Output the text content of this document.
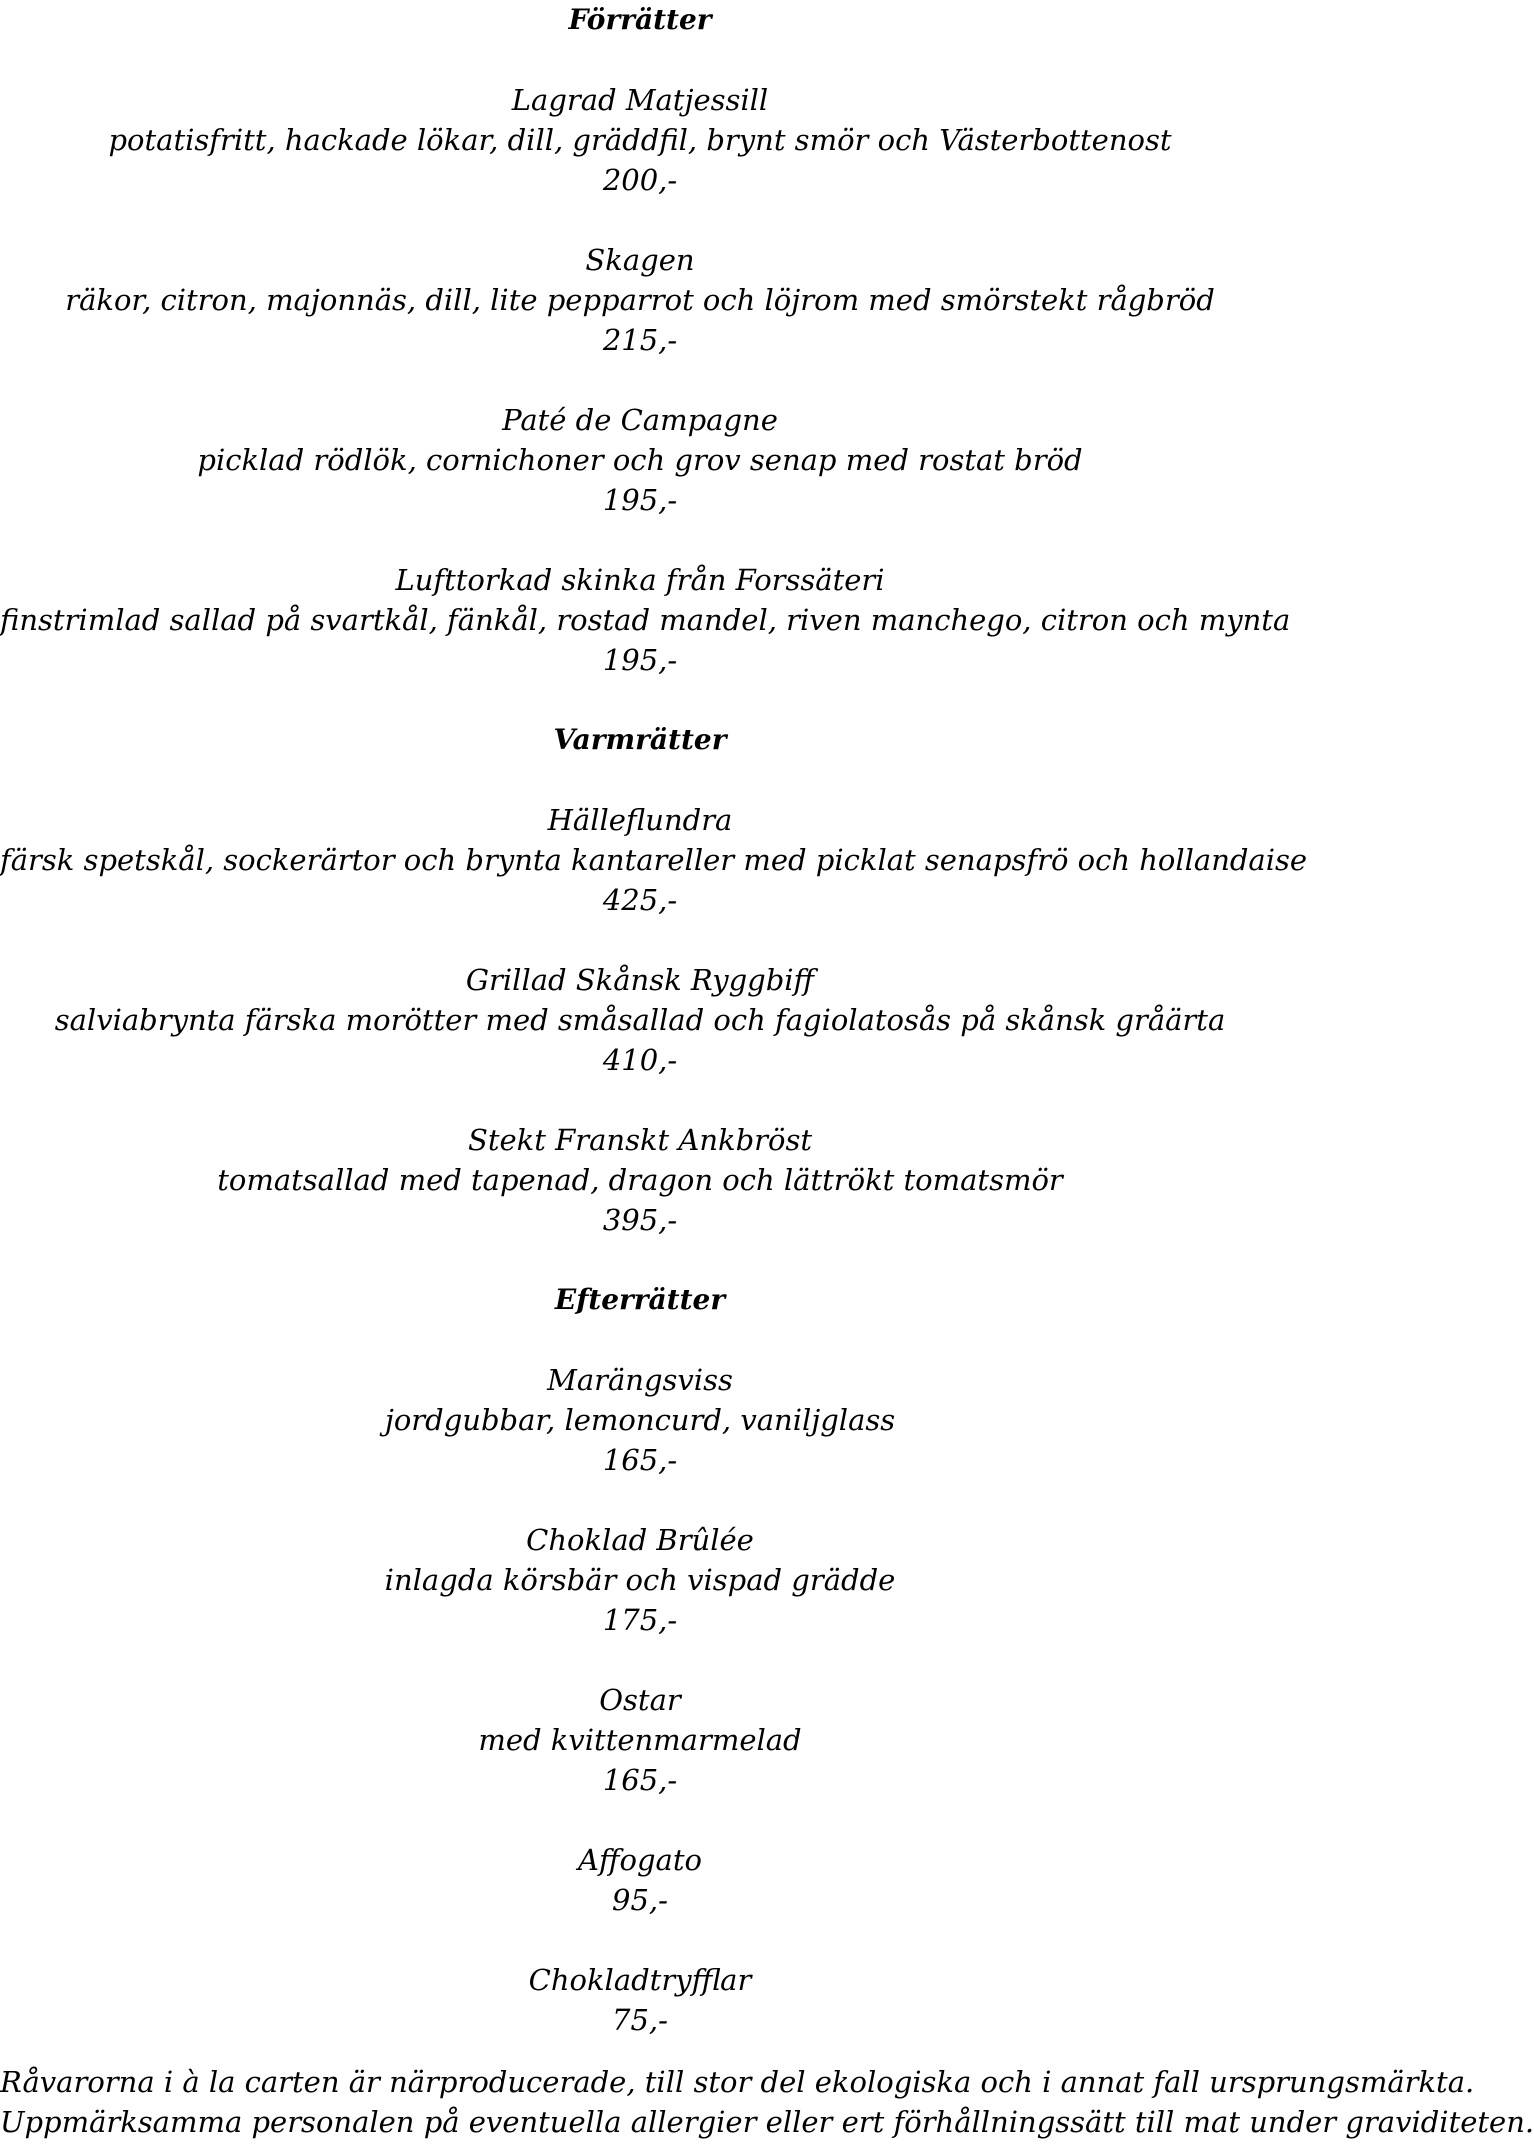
Förrätter
Lagrad Matjessill
potatisfritt, hackade lökar, dill, gräddfil, brynt smör och Västerbottenost
200,-
Skagen
räkor, citron, majonnäs, dill, lite pepparrot och löjrom med smörstekt rågbröd
215,-
Paté de Campagne
picklad rödlök, cornichoner och grov senap med rostat bröd
195,-
Lufttorkad skinka från Forssäteri
finstrimlad sallad på svartkål, fänkål, rostad mandel, riven manchego, citron och mynta
195,-
Varmrätter
Hälleflundra
färsk spetskål, sockerärtor och brynta kantareller med picklat senapsfrö och hollandaise
425,-
Grillad Skånsk Ryggbiff
salviabrynta färska morötter med småsallad och fagiolatosås på skånsk gråärta
410,-
Stekt Franskt Ankbröst
tomatsallad med tapenad, dragon och lättrökt tomatsmör
395,-
Efterrätter
Marängsviss
jordgubbar, lemoncurd, vaniljglass
165,-
Choklad Brûlée
inlagda körsbär och vispad grädde
175,-
Ostar
med kvittenmarmelad
165,-
Affogato
95,-
Chokladtryfflar
75,-
Råvarorna i à la carten är närproducerade, till stor del ekologiska och i annat fall ursprungsmärkta.
Uppmärksamma personalen på eventuella allergier eller ert förhållningssätt till mat under graviditeten.
